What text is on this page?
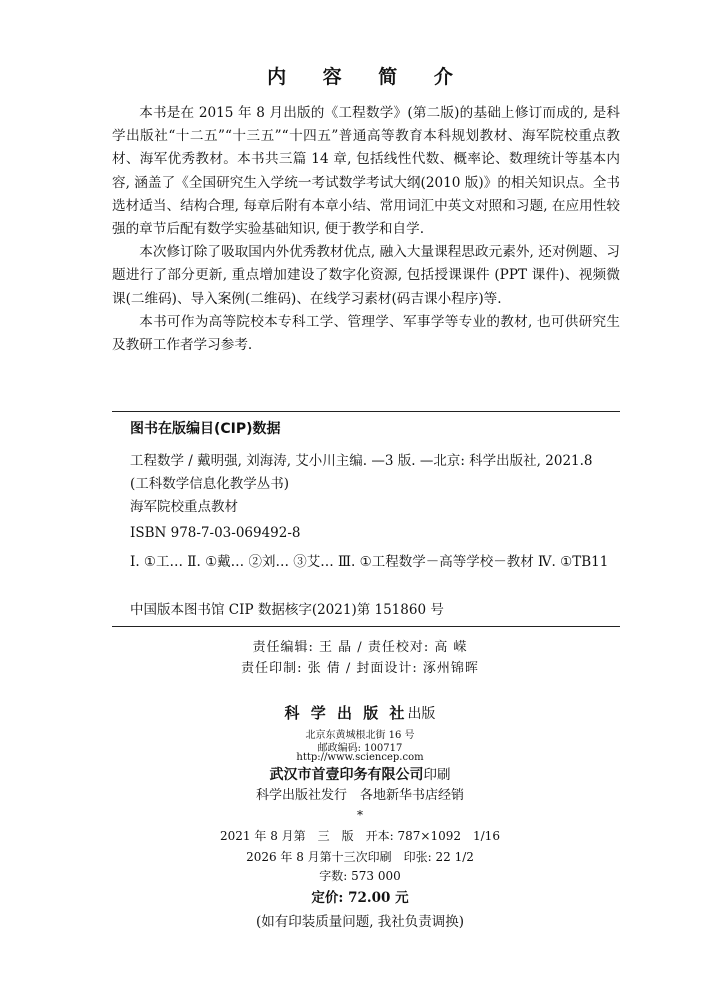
内 容 简 介

本书是在 2015 年 8 月出版的《工程数学》(第二版)的基础上修订而成的, 是科学出版社“十二五”“十三五”“十四五”普通高等教育本科规划教材、海军院校重点教材、海军优秀教材。本书共三篇 14 章, 包括线性代数、概率论、数理统计等基本内容, 涵盖了《全国研究生入学统一考试数学考试大纲(2010 版)》的相关知识点。全书选材适当、结构合理, 每章后附有本章小结、常用词汇中英文对照和习题, 在应用性较强的章节后配有数学实验基础知识, 便于教学和自学.

本次修订除了吸取国内外优秀教材优点, 融入大量课程思政元素外, 还对例题、习题进行了部分更新, 重点增加建设了数字化资源, 包括授课课件 (PPT 课件)、视频微课(二维码)、导入案例(二维码)、在线学习素材(码吉课小程序)等.

本书可作为高等院校本专科工学、管理学、军事学等专业的教材, 也可供研究生及教研工作者学习参考.

图书在版编目(CIP)数据
工程数学 / 戴明强, 刘海涛, 艾小川主编. —3 版. —北京: 科学出版社, 2021.8
(工科数学信息化教学丛书)
海军院校重点教材
ISBN 978-7-03-069492-8
Ⅰ. ①工… Ⅱ. ①戴… ②刘… ③艾… Ⅲ. ①工程数学－高等学校－教材 Ⅳ. ①TB11
中国版本图书馆 CIP 数据核字(2021)第 151860 号
责任编辑: 王 晶 / 责任校对: 高 嵘
责任印制: 张 倩 / 封面设计: 涿州锦晖
科 学 出 版 社出版
北京东黄城根北街 16 号
邮政编码: 100717
http://www.sciencep.com
武汉市首壹印务有限公司印刷
科学出版社发行　各地新华书店经销
*
2021 年 8 月第　三　版　开本: 787×1092　1/16
2026 年 8 月第十三次印刷　印张: 22 1/2
字数: 573 000
定价: 72.00 元
(如有印装质量问题, 我社负责调换)
